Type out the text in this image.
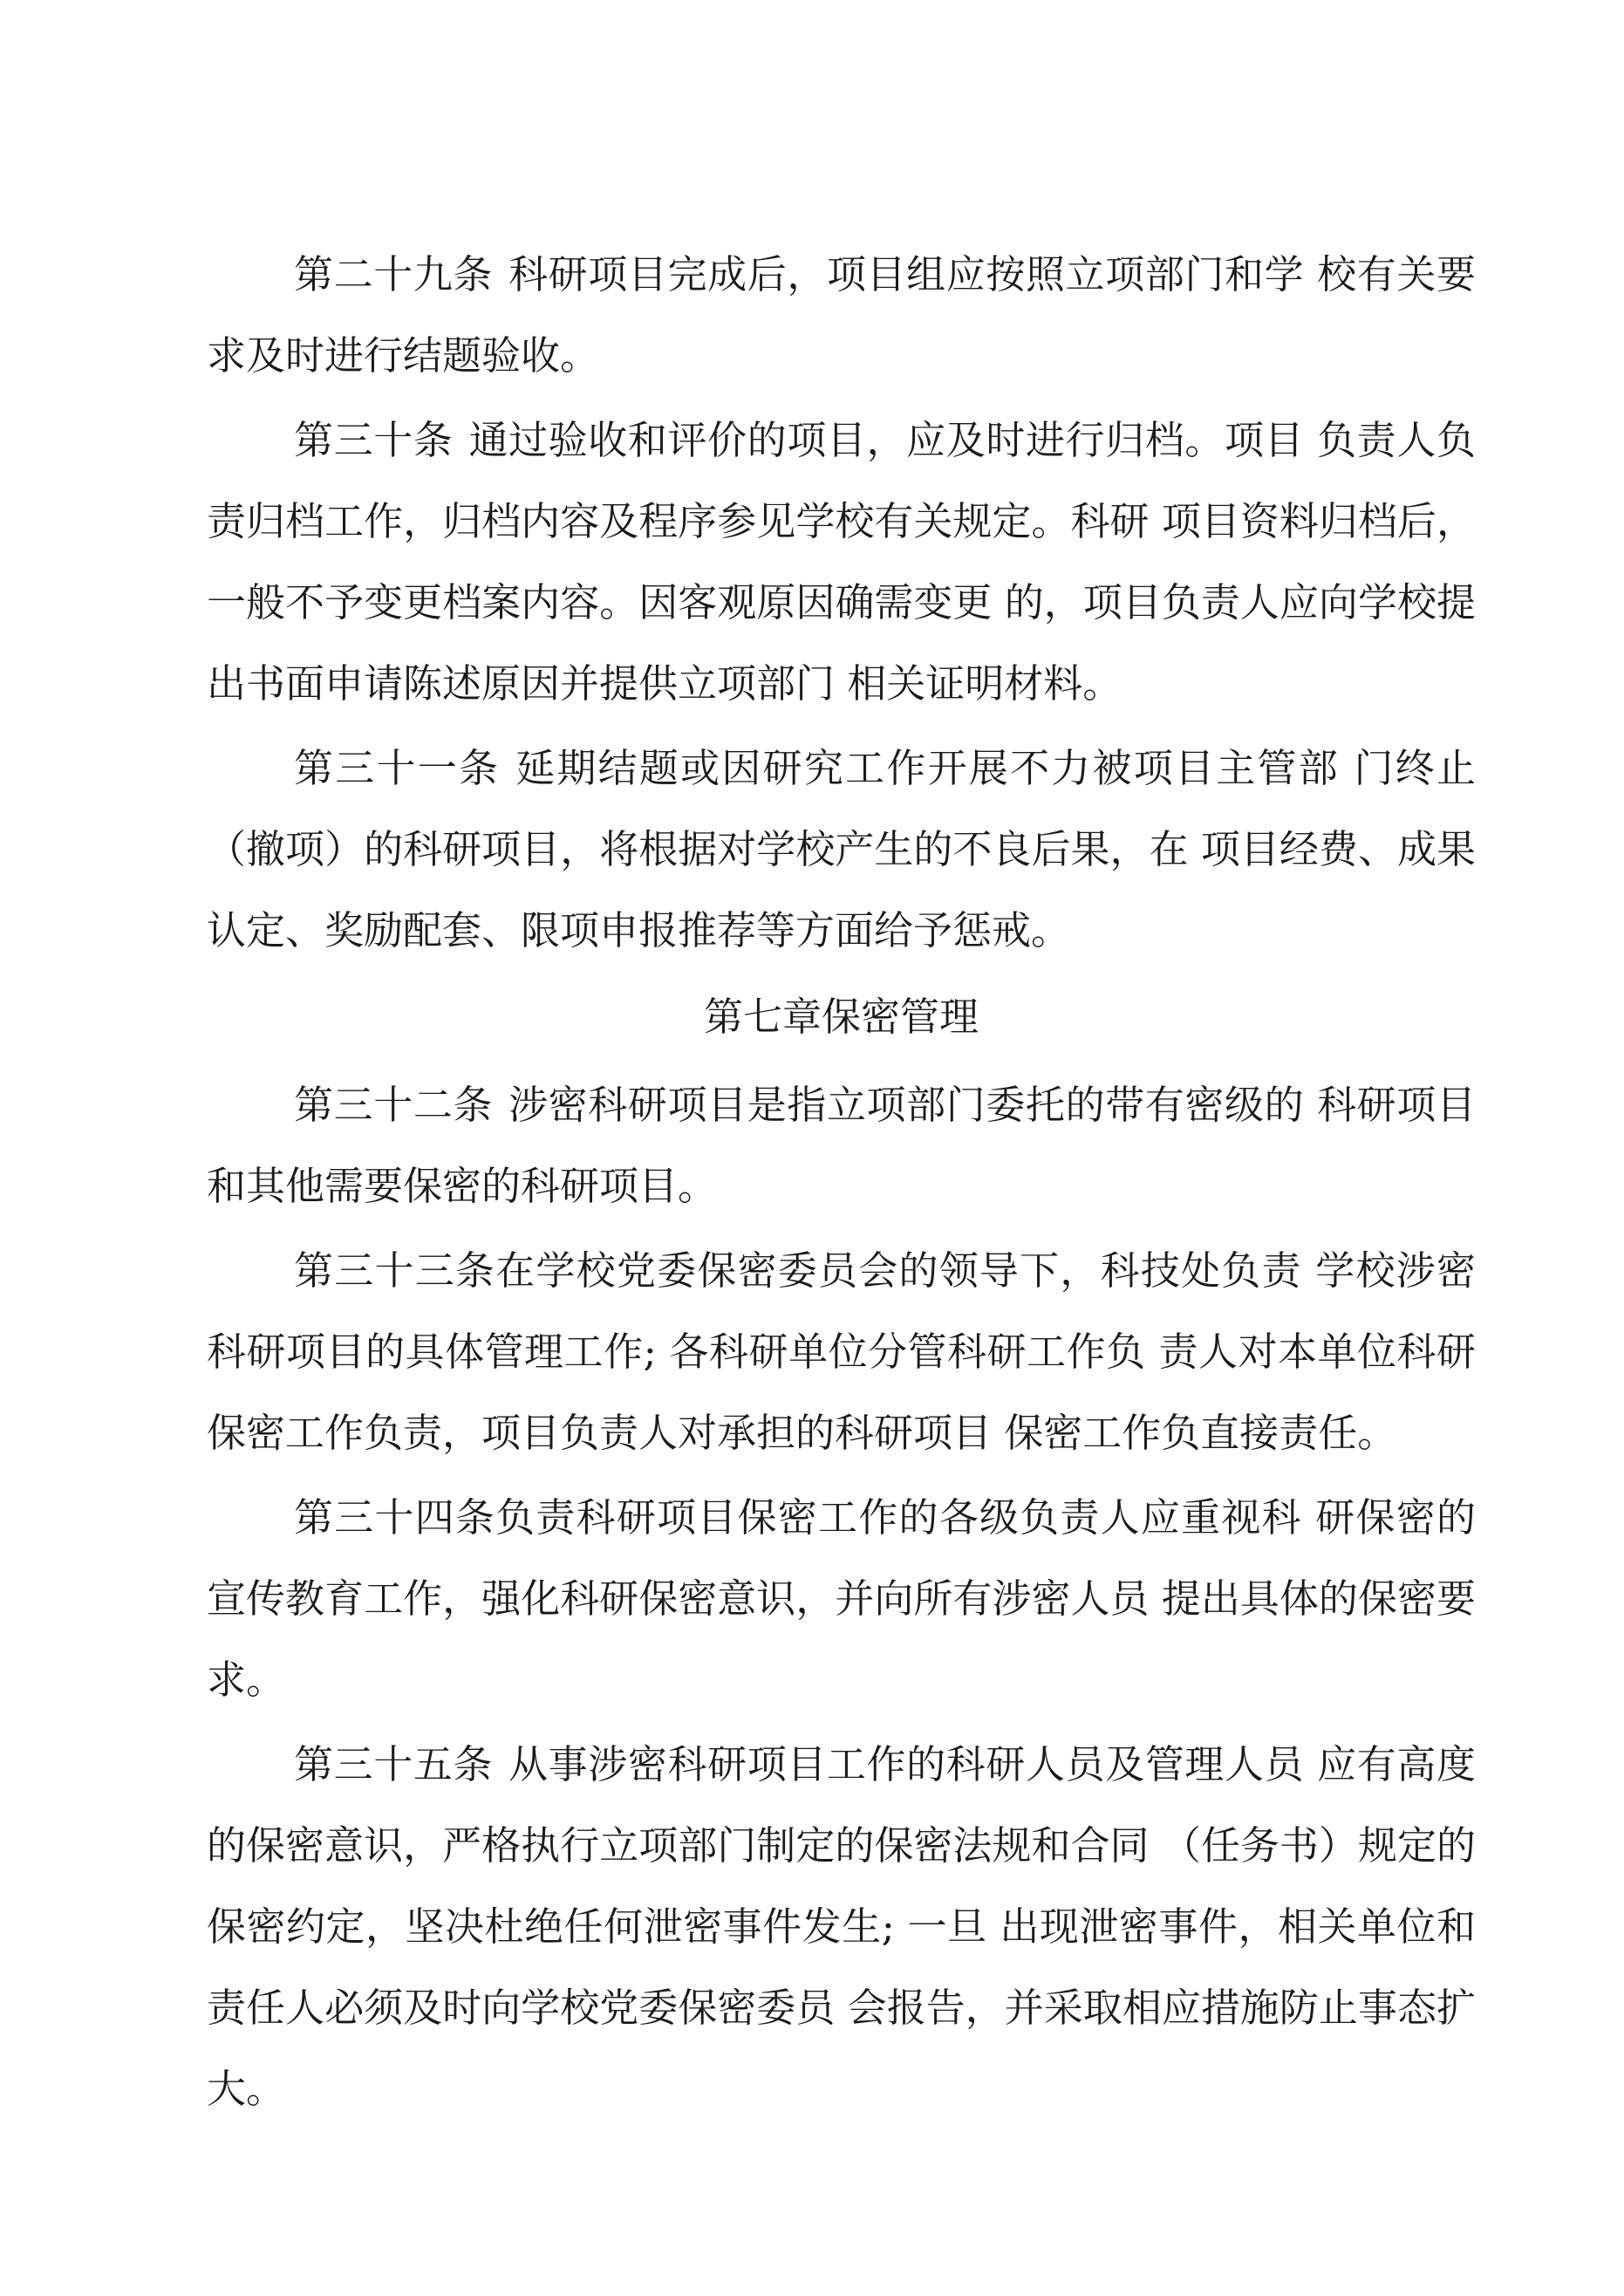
第二十九条 科研项目完成后，项目组应按照立项部门和学 校有关要求及时进行结题验收。

第三十条 通过验收和评价的项目，应及时进行归档。项目 负责人负责归档工作，归档内容及程序参见学校有关规定。科研 项目资料归档后，一般不予变更档案内容。因客观原因确需变更 的，项目负责人应向学校提出书面申请陈述原因并提供立项部门 相关证明材料。

第三十一条 延期结题或因研究工作开展不力被项目主管部 门终止（撤项）的科研项目，将根据对学校产生的不良后果，在 项目经费、成果认定、奖励配套、限项申报推荐等方面给予惩戒。

第七章保密管理

第三十二条 涉密科研项目是指立项部门委托的带有密级的 科研项目和其他需要保密的科研项目。

第三十三条在学校党委保密委员会的领导下，科技处负责 学校涉密科研项目的具体管理工作; 各科研单位分管科研工作负 责人对本单位科研保密工作负责，项目负责人对承担的科研项目 保密工作负直接责任。

第三十四条负责科研项目保密工作的各级负责人应重视科 研保密的宣传教育工作，强化科研保密意识，并向所有涉密人员 提出具体的保密要求。

第三十五条 从事涉密科研项目工作的科研人员及管理人员 应有高度的保密意识，严格执行立项部门制定的保密法规和合同 （任务书）规定的保密约定，坚决杜绝任何泄密事件发生; 一旦 出现泄密事件，相关单位和责任人必须及时向学校党委保密委员 会报告，并采取相应措施防止事态扩大。
